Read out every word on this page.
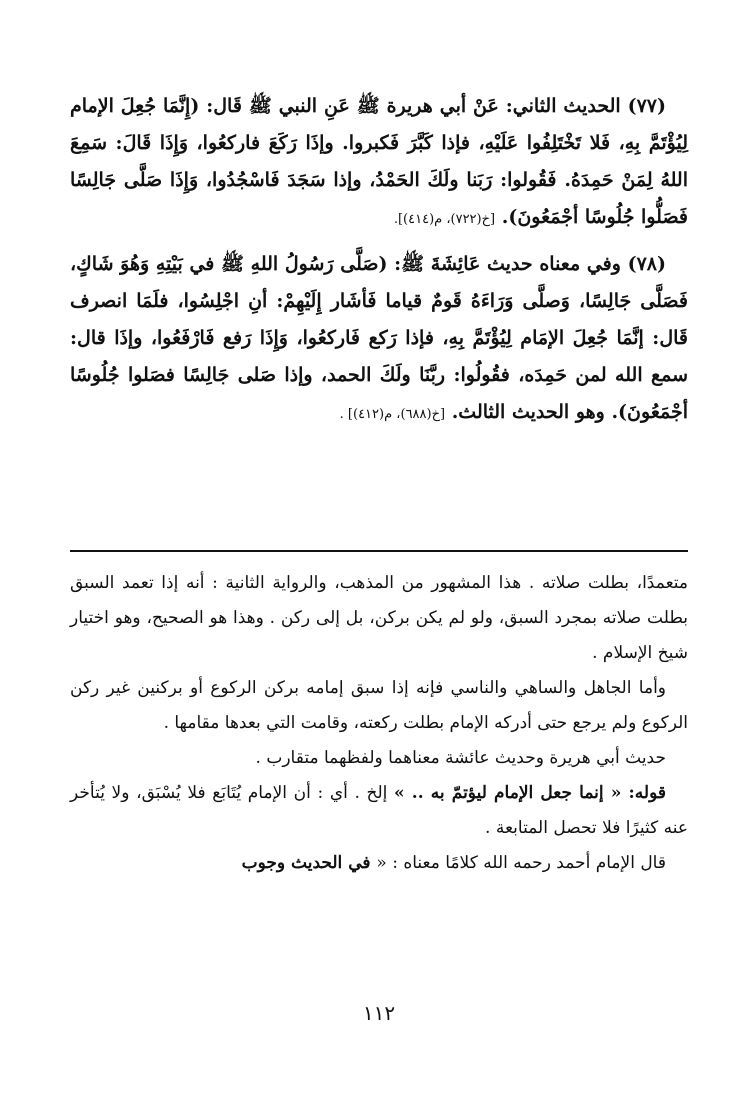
(٧٧) الحديث الثاني: عَنْ أبي هريرة ﷺ عَنِ النبي ﷺ قَال: (إِنَّمَا جُعِلَ الإمام لِيُؤْتَمَّ بِهِ، فَلا تَخْتَلِفُوا عَلَيْهِ، فإذا كَبَّرَ فَكبروا. وإذَا رَكَعَ فاركعُوا، وَإِذَا قَالَ: سَمِعَ اللهُ لِمَنْ حَمِدَهُ. فَقُولوا: رَبَنا ولَكَ الحَمْدُ، وإذا سَجَدَ فَاسْجُدُوا، وَإِذَا صَلَّى جَالِسًا فَصَلُّوا جُلُوسًا أجْمَعُونَ). [خ(٧٢٢)، م(٤١٤)].

(٧٨) وفي معناه حديث عَائِشَةَ ﷺ: (صَلَّى رَسُولُ اللهِ ﷺ في بَيْتِهِ وَهُوَ شَاكٍ، فَصَلَّى جَالِسًا، وَصلَّى وَرَاءَهُ قَومٌ قياما فَأشَار إِلَيْهِمْ: أنِ اجْلِسُوا، فلَمَا انصرف قَال: إنَّمَا جُعِلَ الإمَام لِيُؤْتَمَّ بِهِ، فإذا رَكع فَاركعُوا، وَإِذَا رَفع فَارْفَعُوا، وإذَا قال: سمع الله لمن حَمِدَه، فقُولُوا: ربَّنَا ولَكَ الحمد، وإذا صَلى جَالِسًا فصَلوا جُلُوسًا أجْمَعُونَ). وهو الحديث الثالث. [خ(٦٨٨)، م(٤١٢)] .

متعمدًا، بطلت صلاته . هذا المشهور من المذهب، والرواية الثانية : أنه إذا تعمد السبق بطلت صلاته بمجرد السبق، ولو لم يكن بركن، بل إلى ركن . وهذا هو الصحيح، وهو اختيار شيخ الإسلام .

وأما الجاهل والساهي والناسي فإنه إذا سبق إمامه بركن الركوع أو بركنين غير ركن الركوع ولم يرجع حتى أدركه الإمام بطلت ركعته، وقامت التي بعدها مقامها .

حديث أبي هريرة وحديث عائشة معناهما ولفظهما متقارب .

قوله: « إنما جعل الإمام ليؤتمّ به .. » إلخ . أي : أن الإمام يُتَابَع فلا يُسْبَق، ولا يُتأخر عنه كثيرًا فلا تحصل المتابعة .

قال الإمام أحمد رحمه الله كلامًا معناه : « في الحديث وجوب

١١٢
